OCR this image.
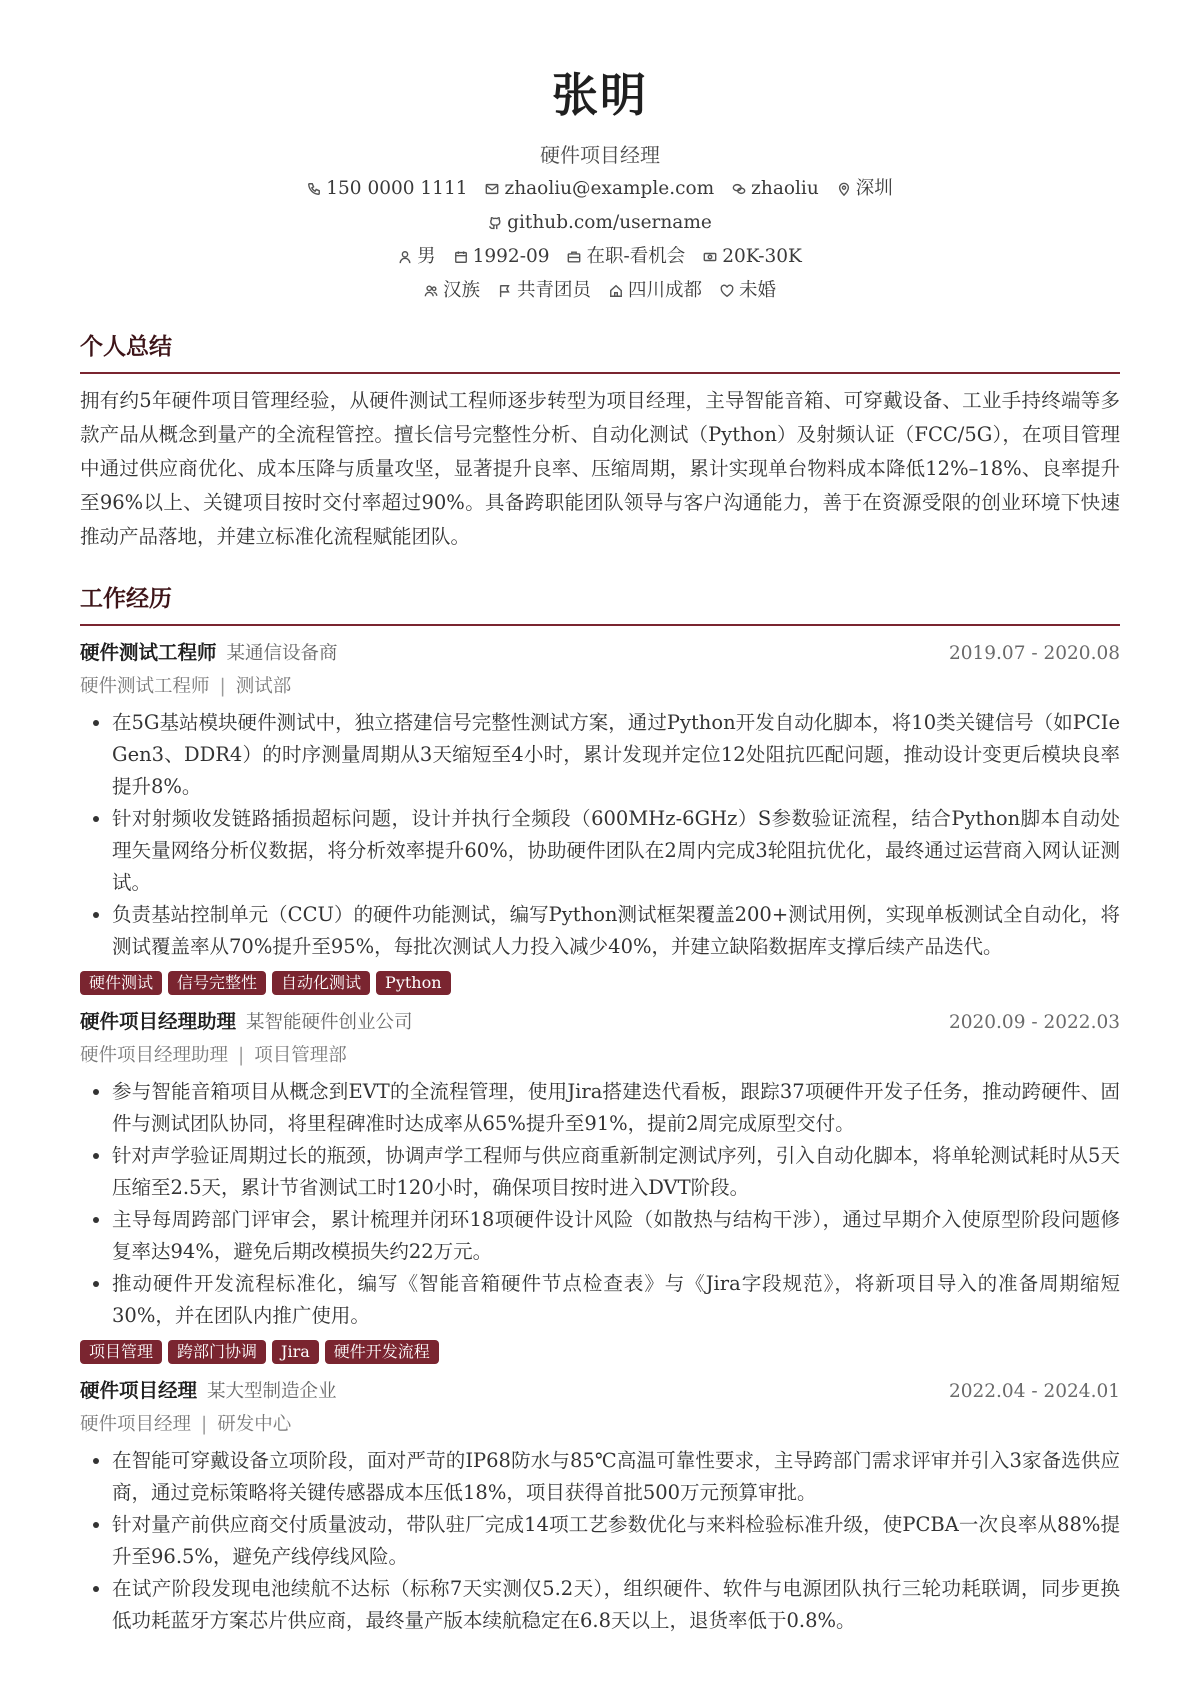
张明
硬件项目经理
150 0000 1111 zhaoliu@example.com zhaoliu 深圳
github.com/username
男 1992-09 在职-看机会 20K-30K
汉族 共青团员 四川成都 未婚
个人总结
拥有约5年硬件项目管理经验，从硬件测试工程师逐步转型为项目经理，主导智能音箱、可穿戴设备、工业手持终端等多款产品从概念到量产的全流程管控。擅长信号完整性分析、自动化测试（Python）及射频认证（FCC/5G），在项目管理中通过供应商优化、成本压降与质量攻坚，显著提升良率、压缩周期，累计实现单台物料成本降低12%–18%、良率提升至96%以上、关键项目按时交付率超过90%。具备跨职能团队领导与客户沟通能力，善于在资源受限的创业环境下快速推动产品落地，并建立标准化流程赋能团队。
工作经历
硬件测试工程师 某通信设备商	2019.07 - 2020.08
硬件测试工程师 | 测试部
• 在5G基站模块硬件测试中，独立搭建信号完整性测试方案，通过Python开发自动化脚本，将10类关键信号（如PCIe Gen3、DDR4）的时序测量周期从3天缩短至4小时，累计发现并定位12处阻抗匹配问题，推动设计变更后模块良率提升8%。
• 针对射频收发链路插损超标问题，设计并执行全频段（600MHz-6GHz）S参数验证流程，结合Python脚本自动处理矢量网络分析仪数据，将分析效率提升60%，协助硬件团队在2周内完成3轮阻抗优化，最终通过运营商入网认证测试。
• 负责基站控制单元（CCU）的硬件功能测试，编写Python测试框架覆盖200+测试用例，实现单板测试全自动化，将测试覆盖率从70%提升至95%，每批次测试人力投入减少40%，并建立缺陷数据库支撑后续产品迭代。
硬件测试	信号完整性	自动化测试	Python
硬件项目经理助理 某智能硬件创业公司	2020.09 - 2022.03
硬件项目经理助理 | 项目管理部
• 参与智能音箱项目从概念到EVT的全流程管理，使用Jira搭建迭代看板，跟踪37项硬件开发子任务，推动跨硬件、固件与测试团队协同，将里程碑准时达成率从65%提升至91%，提前2周完成原型交付。
• 针对声学验证周期过长的瓶颈，协调声学工程师与供应商重新制定测试序列，引入自动化脚本，将单轮测试耗时从5天压缩至2.5天，累计节省测试工时120小时，确保项目按时进入DVT阶段。
• 主导每周跨部门评审会，累计梳理并闭环18项硬件设计风险（如散热与结构干涉），通过早期介入使原型阶段问题修复率达94%，避免后期改模损失约22万元。
• 推动硬件开发流程标准化，编写《智能音箱硬件节点检查表》与《Jira字段规范》，将新项目导入的准备周期缩短30%，并在团队内推广使用。
项目管理	跨部门协调	Jira	硬件开发流程
硬件项目经理 某大型制造企业	2022.04 - 2024.01
硬件项目经理 | 研发中心
• 在智能可穿戴设备立项阶段，面对严苛的IP68防水与85℃高温可靠性要求，主导跨部门需求评审并引入3家备选供应商，通过竞标策略将关键传感器成本压低18%，项目获得首批500万元预算审批。
• 针对量产前供应商交付质量波动，带队驻厂完成14项工艺参数优化与来料检验标准升级，使PCBA一次良率从88%提升至96.5%，避免产线停线风险。
• 在试产阶段发现电池续航不达标（标称7天实测仅5.2天），组织硬件、软件与电源团队执行三轮功耗联调，同步更换低功耗蓝牙方案芯片供应商，最终量产版本续航稳定在6.8天以上，退货率低于0.8%。
